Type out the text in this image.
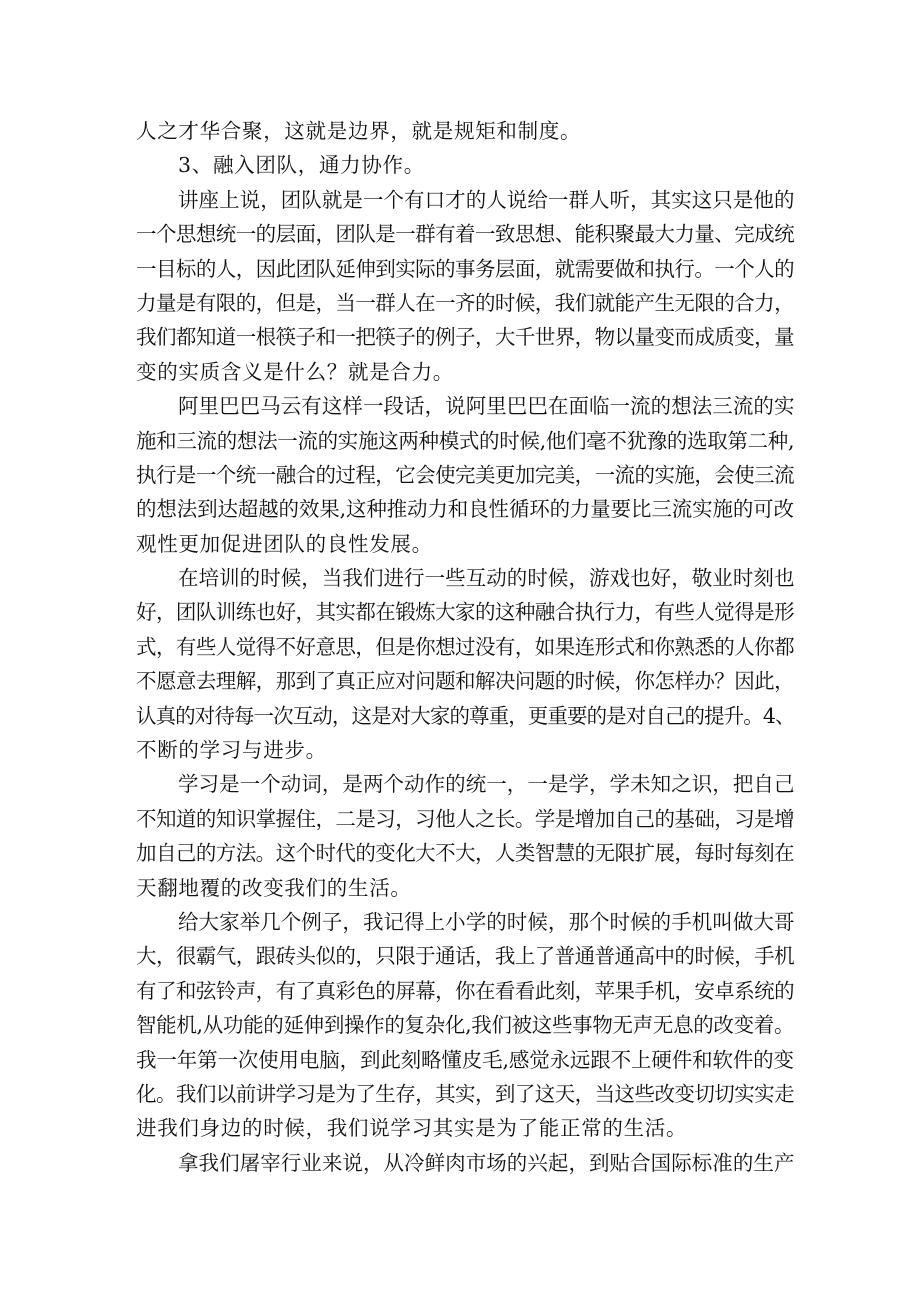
人之才华合聚，这就是边界，就是规矩和制度。
3、融入团队，通力协作。
讲座上说，团队就是一个有口才的人说给一群人听，其实这只是他的
一个思想统一的层面，团队是一群有着一致思想、能积聚最大力量、完成统
一目标的人，因此团队延伸到实际的事务层面，就需要做和执行。一个人的
力量是有限的，但是，当一群人在一齐的时候，我们就能产生无限的合力，
我们都知道一根筷子和一把筷子的例子，大千世界，物以量变而成质变，量
变的实质含义是什么？就是合力。
阿里巴巴马云有这样一段话，说阿里巴巴在面临一流的想法三流的实
施和三流的想法一流的实施这两种模式的时候,他们毫不犹豫的选取第二种,
执行是一个统一融合的过程，它会使完美更加完美，一流的实施，会使三流
的想法到达超越的效果,这种推动力和良性循环的力量要比三流实施的可改
观性更加促进团队的良性发展。
在培训的时候，当我们进行一些互动的时候，游戏也好，敬业时刻也
好，团队训练也好，其实都在锻炼大家的这种融合执行力，有些人觉得是形
式，有些人觉得不好意思，但是你想过没有，如果连形式和你熟悉的人你都
不愿意去理解，那到了真正应对问题和解决问题的时候，你怎样办？因此，
认真的对待每一次互动，这是对大家的尊重，更重要的是对自己的提升。4、
不断的学习与进步。
学习是一个动词，是两个动作的统一，一是学，学未知之识，把自己
不知道的知识掌握住，二是习，习他人之长。学是增加自己的基础，习是增
加自己的方法。这个时代的变化大不大，人类智慧的无限扩展，每时每刻在
天翻地覆的改变我们的生活。
给大家举几个例子，我记得上小学的时候，那个时候的手机叫做大哥
大，很霸气，跟砖头似的，只限于通话，我上了普通普通高中的时候，手机
有了和弦铃声，有了真彩色的屏幕，你在看看此刻，苹果手机，安卓系统的
智能机,从功能的延伸到操作的复杂化,我们被这些事物无声无息的改变着。
我一年第一次使用电脑，到此刻略懂皮毛,感觉永远跟不上硬件和软件的变
化。我们以前讲学习是为了生存，其实，到了这天，当这些改变切切实实走
进我们身边的时候，我们说学习其实是为了能正常的生活。
拿我们屠宰行业来说，从冷鲜肉市场的兴起，到贴合国际标准的生产
